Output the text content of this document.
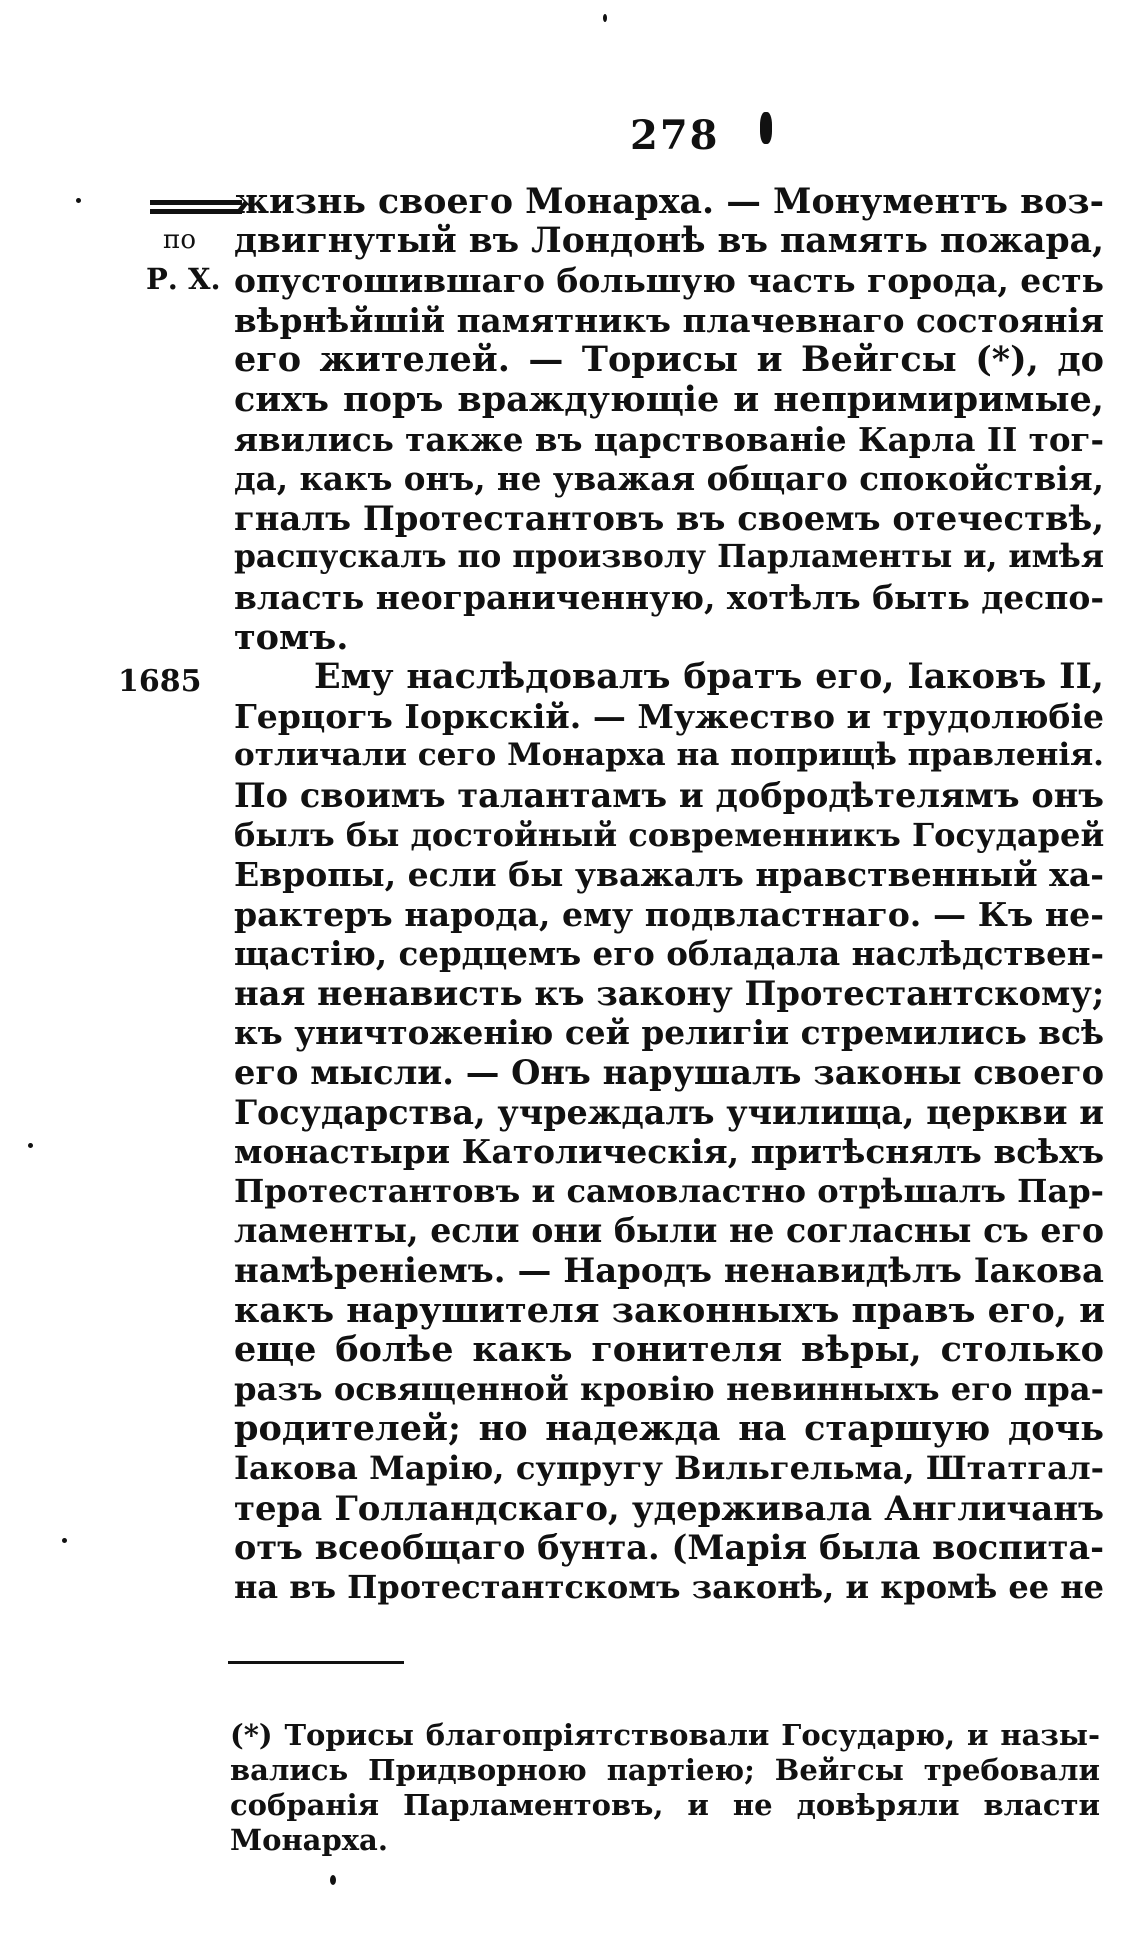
278
по
Р. Х.
1685
жизнь своего Монарха. — Монументъ воз-
двигнутый въ Лондонѣ въ память пожара,
опустошившаго большую часть города, есть
вѣрнѣйшій памятникъ плачевнаго состоянія
его жителей. — Торисы и Вейгсы (*), до
сихъ поръ враждующіе и непримиримые,
явились также въ царствованіе Карла II тог-
да, какъ онъ, не уважая общаго спокойствія,
гналъ Протестантовъ въ своемъ отечествѣ,
распускалъ по произволу Парламенты и, имѣя
власть неограниченную, хотѣлъ быть деспо-
томъ.
Ему наслѣдовалъ братъ его, Іаковъ II,
Герцогъ Іоркскій. — Мужество и трудолюбіе
отличали сего Монарха на поприщѣ правленія.
По своимъ талантамъ и добродѣтелямъ онъ
былъ бы достойный современникъ Государей
Европы, если бы уважалъ нравственный ха-
рактеръ народа, ему подвластнаго. — Къ не-
щастію, сердцемъ его обладала наслѣдствен-
ная ненависть къ закону Протестантскому;
къ уничтоженію сей религіи стремились всѣ
его мысли. — Онъ нарушалъ законы своего
Государства, учреждалъ училища, церкви и
монастыри Католическія, притѣснялъ всѣхъ
Протестантовъ и самовластно отрѣшалъ Пар-
ламенты, если они были не согласны съ его
намѣреніемъ. — Народъ ненавидѣлъ Іакова
какъ нарушителя законныхъ правъ его, и
еще болѣе какъ гонителя вѣры, столько
разъ освященной кровію невинныхъ его пра-
родителей; но надежда на старшую дочь
Іакова Марію, супругу Вильгельма, Штатгал-
тера Голландскаго, удерживала Англичанъ
отъ всеобщаго бунта. (Марія была воспита-
на въ Протестантскомъ законѣ, и кромѣ ее не
(*) Торисы благопріятствовали Государю, и назы-
вались Придворною партіею; Вейгсы требовали
собранія Парламентовъ, и не довѣряли власти
Монарха.
